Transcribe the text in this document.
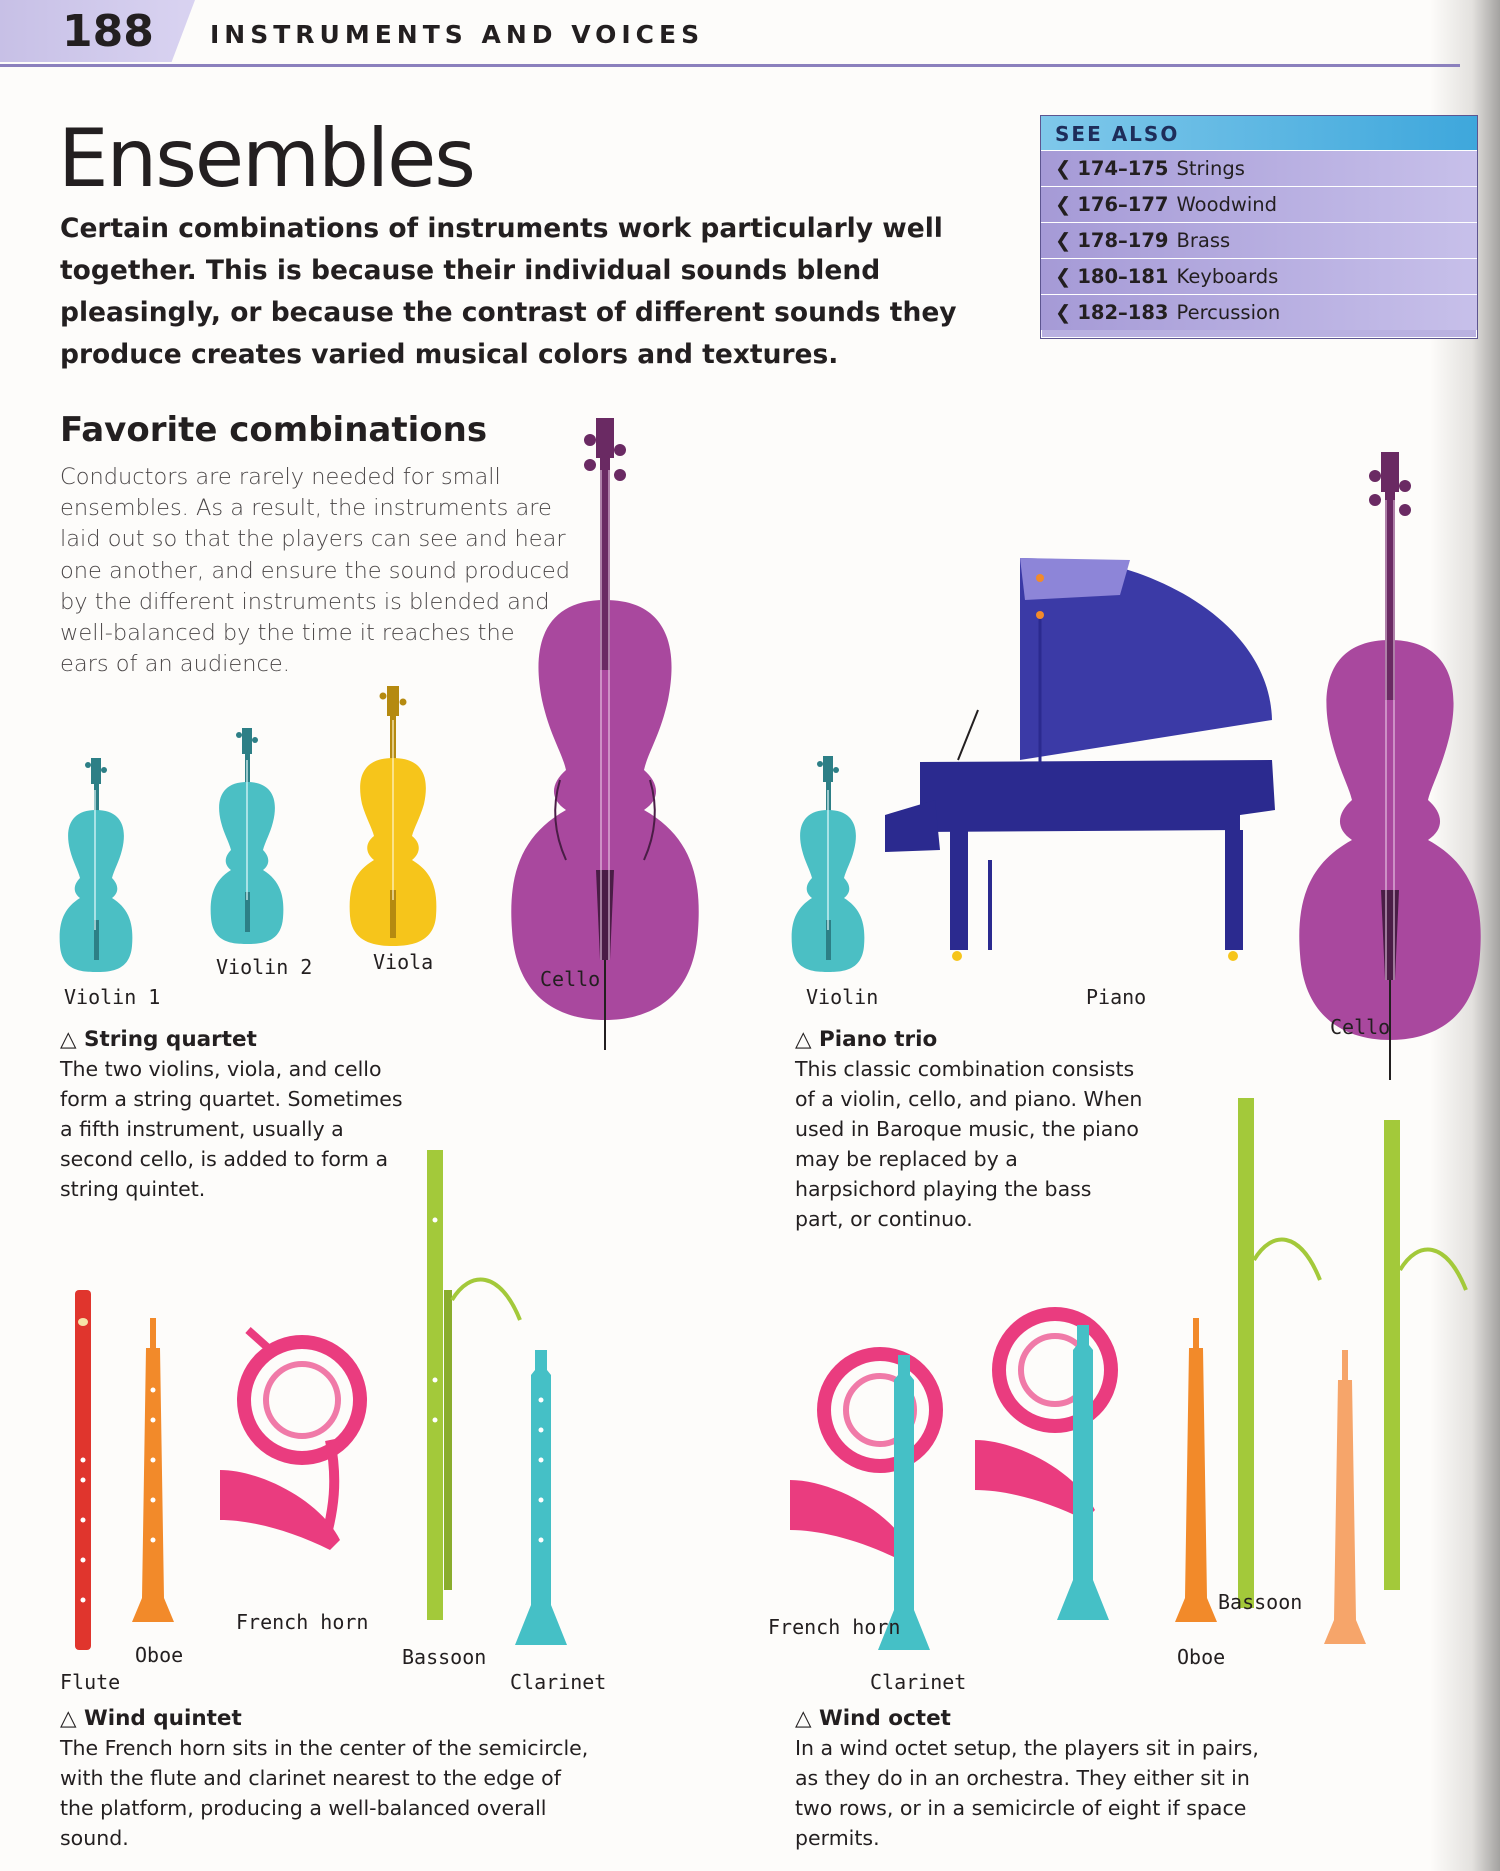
188 INSTRUMENTS AND VOICES
Ensembles
Certain combinations of instruments work particularly well together. This is because their individual sounds blend pleasingly, or because the contrast of different sounds they produce creates varied musical colors and textures.
SEE ALSO
❮ 174–175 Strings
❮ 176–177 Woodwind
❮ 178–179 Brass
❮ 180–181 Keyboards
❮ 182–183 Percussion
Favorite combinations
Conductors are rarely needed for small ensembles. As a result, the instruments are laid out so that the players can see and hear one another, and ensure the sound produced by the different instruments is blended and well-balanced by the time it reaches the ears of an audience.
Violin 1
Violin 2	Viola
Cello
Violin	Piano
Cello
△ String quartet
The two violins, viola, and cello form a string quartet. Sometimes a fifth instrument, usually a second cello, is added to form a string quintet.
△ Piano trio
This classic combination consists of a violin, cello, and piano. When used in Baroque music, the piano may be replaced by a harpsichord playing the bass part, or continuo.
Flute
Oboe
French horn
Bassoon
Clarinet
French horn
Clarinet
Oboe
Bassoon
△ Wind quintet
The French horn sits in the center of the semicircle, with the flute and clarinet nearest to the edge of the platform, producing a well-balanced overall sound.
△ Wind octet
In a wind octet setup, the players sit in pairs, as they do in an orchestra. They either sit in two rows, or in a semicircle of eight if space permits.
